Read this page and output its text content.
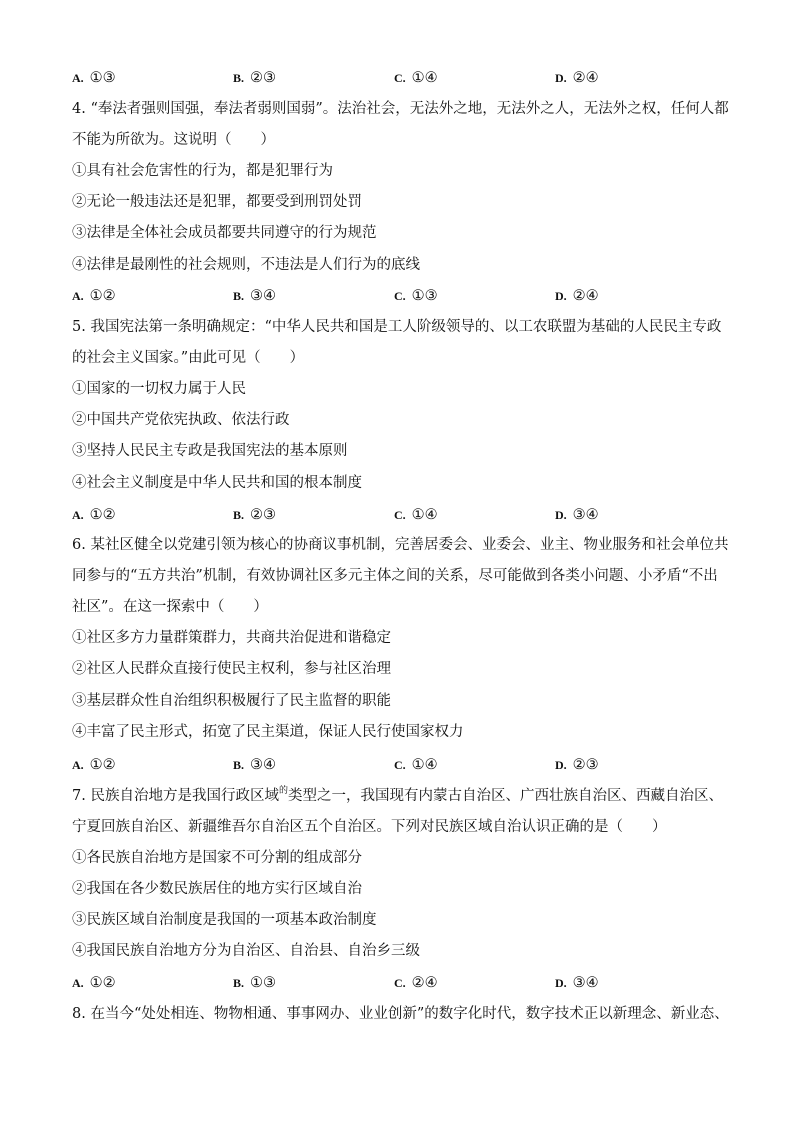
A. ①③	B. ②③	C. ①④	D. ②④
4. “奉法者强则国强，奉法者弱则国弱”。法治社会，无法外之地，无法外之人，无法外之权，任何人都
不能为所欲为。这说明（　　）
①具有社会危害性的行为，都是犯罪行为
②无论一般违法还是犯罪，都要受到刑罚处罚
③法律是全体社会成员都要共同遵守的行为规范
④法律是最刚性的社会规则，不违法是人们行为的底线
A. ①②	B. ③④	C. ①③	D. ②④
5. 我国宪法第一条明确规定：“中华人民共和国是工人阶级领导的、以工农联盟为基础的人民民主专政
的社会主义国家。”由此可见（　　）
①国家的一切权力属于人民
②中国共产党依宪执政、依法行政
③坚持人民民主专政是我国宪法的基本原则
④社会主义制度是中华人民共和国的根本制度
A. ①②	B. ②③	C. ①④	D. ③④
6. 某社区健全以党建引领为核心的协商议事机制，完善居委会、业委会、业主、物业服务和社会单位共
同参与的“五方共治”机制，有效协调社区多元主体之间的关系，尽可能做到各类小问题、小矛盾“不出
社区”。在这一探索中（　　）
①社区多方力量群策群力，共商共治促进和谐稳定
②社区人民群众直接行使民主权利，参与社区治理
③基层群众性自治组织积极履行了民主监督的职能
④丰富了民主形式，拓宽了民主渠道，保证人民行使国家权力
A. ①②	B. ③④	C. ①④	D. ②③
7. 民族自治地方是我国行政区域$^的$类型之一，我国现有内蒙古自治区、广西壮族自治区、西藏自治区、
宁夏回族自治区、新疆维吾尔自治区五个自治区。下列对民族区域自治认识正确的是（　　）
①各民族自治地方是国家不可分割的组成部分
②我国在各少数民族居住的地方实行区域自治
③民族区域自治制度是我国的一项基本政治制度
④我国民族自治地方分为自治区、自治县、自治乡三级
A. ①②	B. ①③	C. ②④	D. ③④
8. 在当今“处处相连、物物相通、事事网办、业业创新”的数字化时代，数字技术正以新理念、新业态、
